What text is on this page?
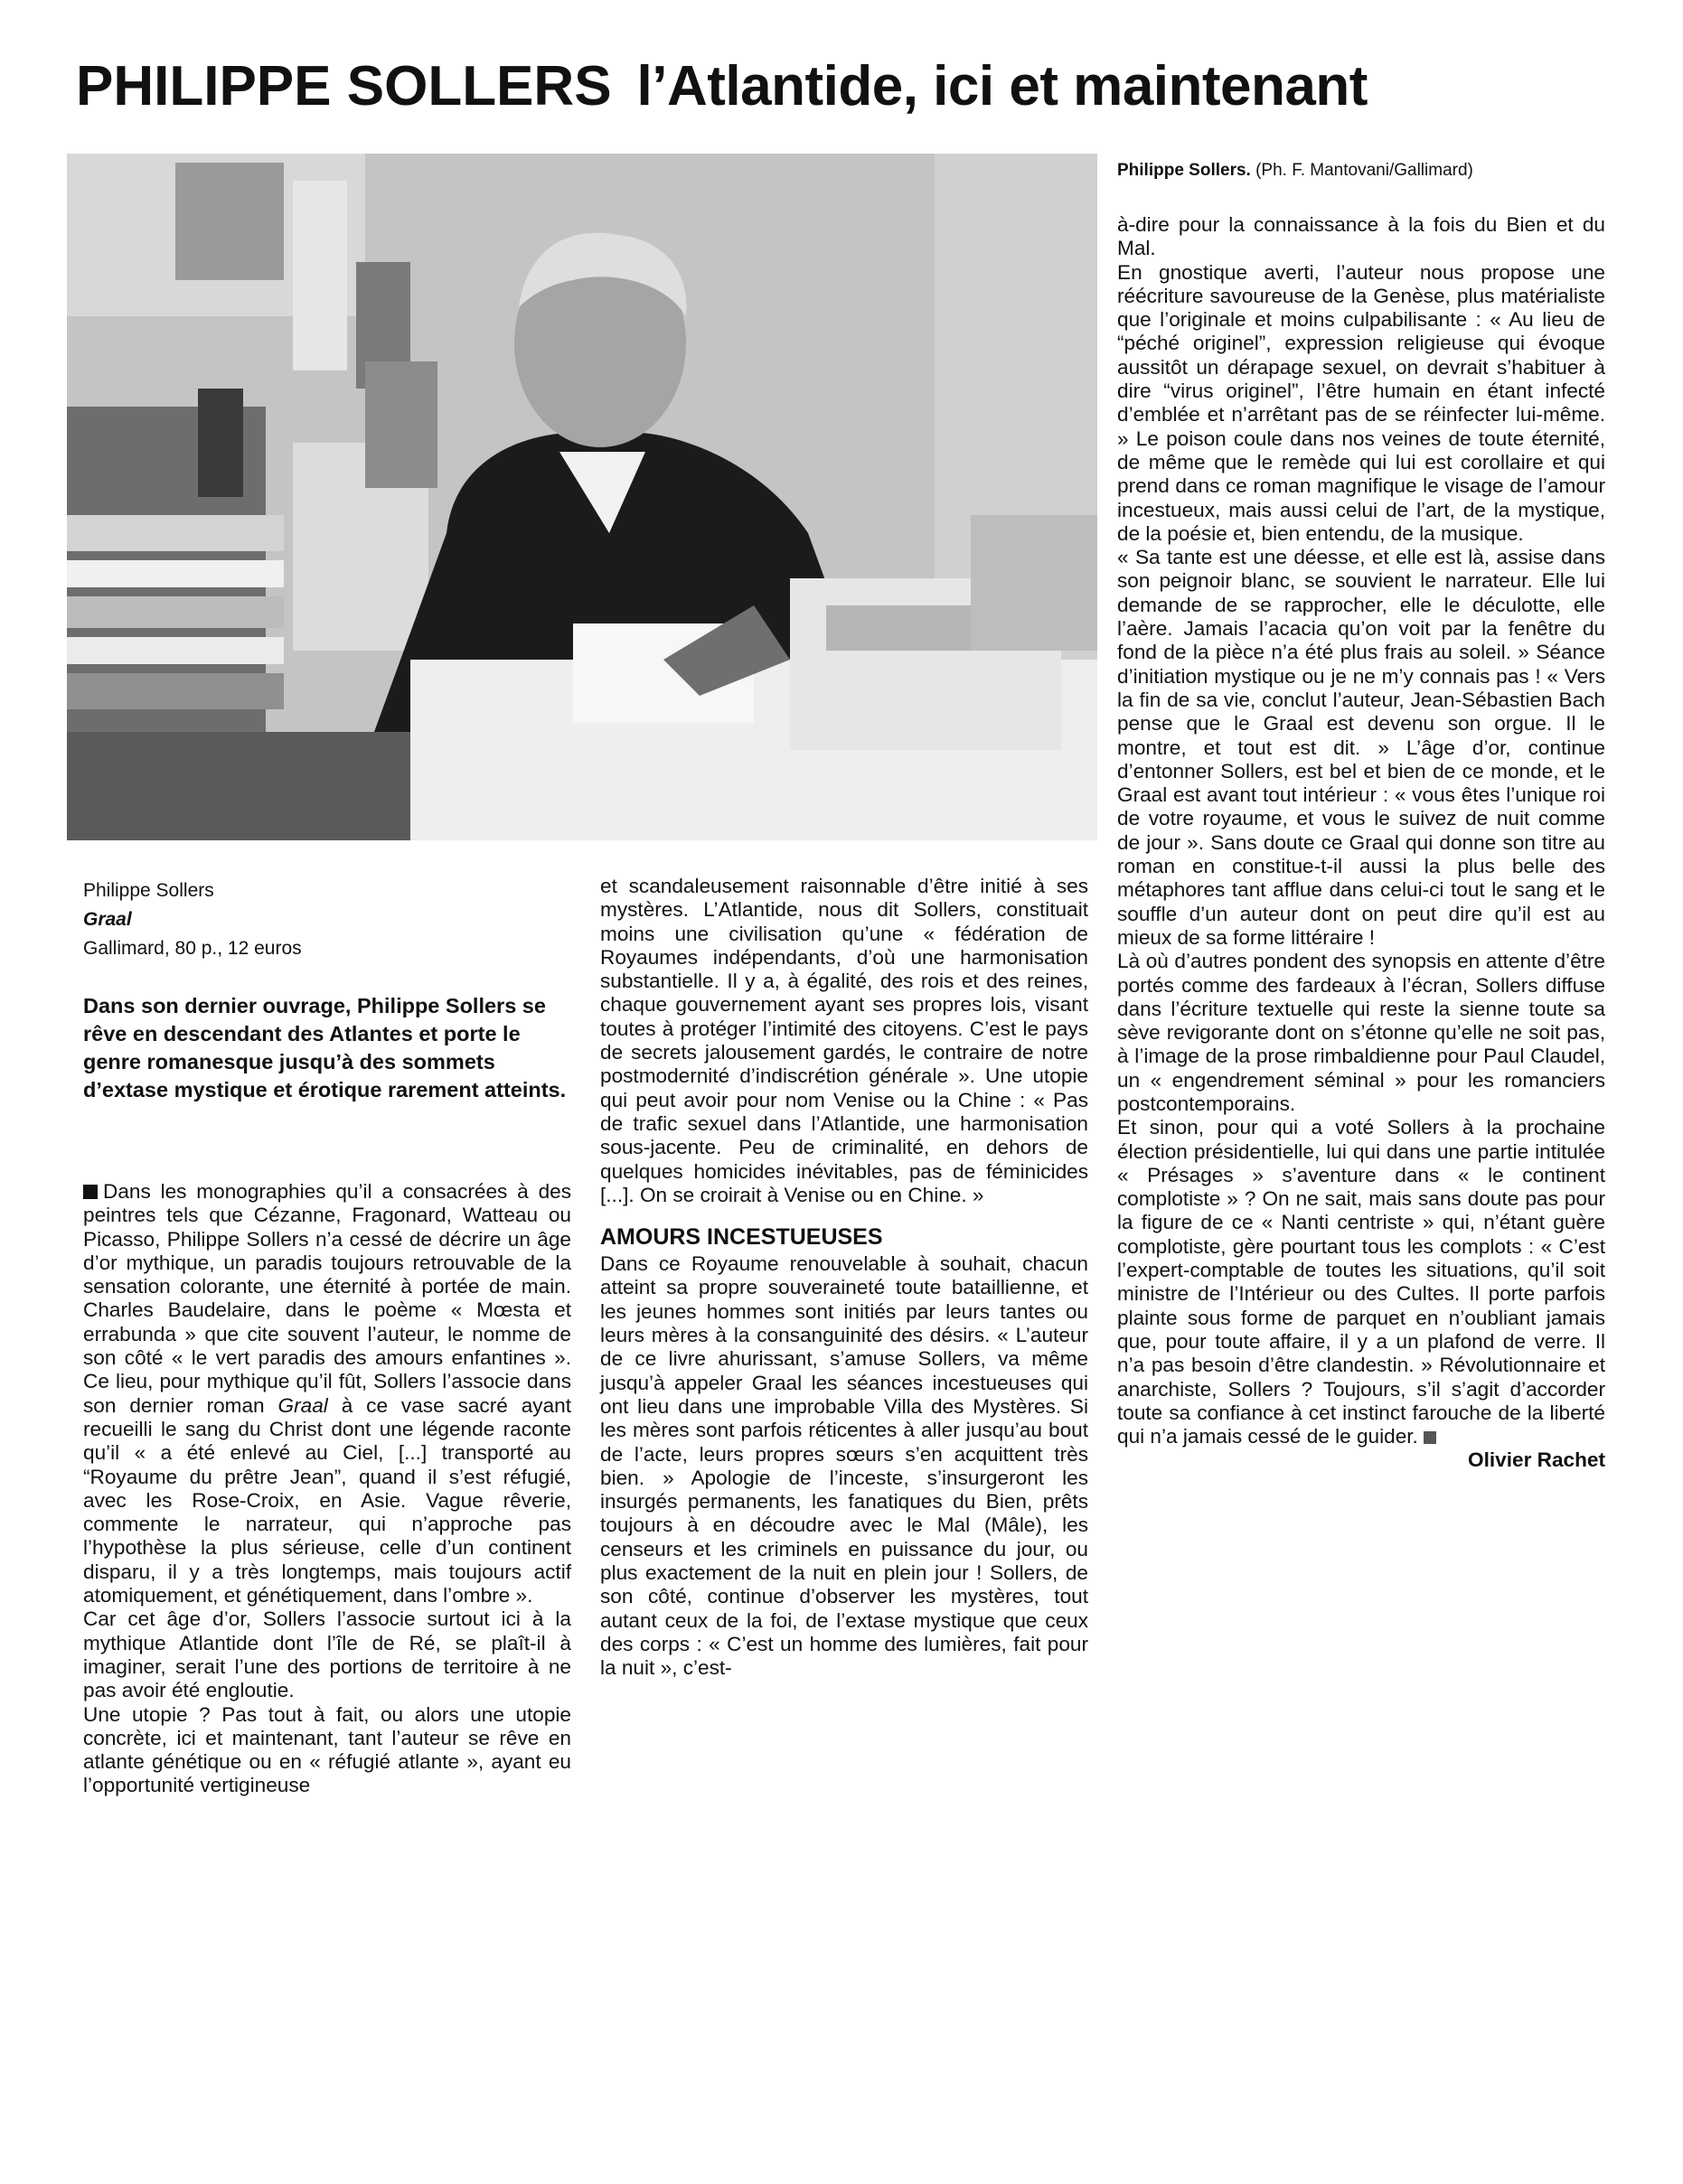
PHILIPPE SOLLERS l’Atlantide, ici et maintenant
Philippe Sollers. (Ph. F. Mantovani/Gallimard)
Philippe Sollers
Graal
Gallimard, 80 p., 12 euros
Dans son dernier ouvrage, Philippe Sollers se rêve en descendant des Atlantes et porte le genre romanesque jusqu’à des sommets d’extase mystique et érotique rarement atteints.

Dans les monographies qu’il a consacrées à des peintres tels que Cézanne, Fragonard, Watteau ou Picasso, Philippe Sollers n’a cessé de décrire un âge d’or mythique, un paradis toujours retrouvable de la sensation colorante, une éternité à portée de main. Charles Baudelaire, dans le poème « Mœsta et errabunda » que cite souvent l’auteur, le nomme de son côté « le vert paradis des amours enfantines ». Ce lieu, pour mythique qu’il fût, Sollers l’associe dans son dernier roman Graal à ce vase sacré ayant recueilli le sang du Christ dont une légende raconte qu’il « a été enlevé au Ciel, [...] transporté au “Royaume du prêtre Jean”, quand il s’est réfugié, avec les Rose-Croix, en Asie. Vague rêverie, commente le narrateur, qui n’approche pas l’hypothèse la plus sérieuse, celle d’un continent disparu, il y a très longtemps, mais toujours actif atomiquement, et génétiquement, dans l’ombre ».

Car cet âge d’or, Sollers l’associe surtout ici à la mythique Atlantide dont l’île de Ré, se plaît-il à imaginer, serait l’une des portions de territoire à ne pas avoir été engloutie.

Une utopie ? Pas tout à fait, ou alors une utopie concrète, ici et maintenant, tant l’auteur se rêve en atlante génétique ou en « réfugié atlante », ayant eu l’opportunité vertigineuse

et scandaleusement raisonnable d’être initié à ses mystères. L’Atlantide, nous dit Sollers, constituait moins une civilisation qu’une « fédération de Royaumes indépendants, d’où une harmonisation substantielle. Il y a, à égalité, des rois et des reines, chaque gouvernement ayant ses propres lois, visant toutes à protéger l’intimité des citoyens. C’est le pays de secrets jalousement gardés, le contraire de notre postmodernité d’indiscrétion générale ». Une utopie qui peut avoir pour nom Venise ou la Chine : « Pas de trafic sexuel dans l’Atlantide, une harmonisation sous-jacente. Peu de criminalité, en dehors de quelques homicides inévitables, pas de féminicides [...]. On se croirait à Venise ou en Chine. »

AMOURS INCESTUEUSES

Dans ce Royaume renouvelable à souhait, chacun atteint sa propre souveraineté toute bataillienne, et les jeunes hommes sont initiés par leurs tantes ou leurs mères à la consanguinité des désirs. « L’auteur de ce livre ahurissant, s’amuse Sollers, va même jusqu’à appeler Graal les séances incestueuses qui ont lieu dans une improbable Villa des Mystères. Si les mères sont parfois réticentes à aller jusqu’au bout de l’acte, leurs propres sœurs s’en acquittent très bien. » Apologie de l’inceste, s’insurgeront les insurgés permanents, les fanatiques du Bien, prêts toujours à en découdre avec le Mal (Mâle), les censeurs et les criminels en puissance du jour, ou plus exactement de la nuit en plein jour ! Sollers, de son côté, continue d’observer les mystères, tout autant ceux de la foi, de l’extase mystique que ceux des corps : « C’est un homme des lumières, fait pour la nuit », c’est-

à-dire pour la connaissance à la fois du Bien et du Mal.

En gnostique averti, l’auteur nous propose une réécriture savoureuse de la Genèse, plus matérialiste que l’originale et moins culpabilisante : « Au lieu de “péché originel”, expression religieuse qui évoque aussitôt un dérapage sexuel, on devrait s’habituer à dire “virus originel”, l’être humain en étant infecté d’emblée et n’arrêtant pas de se réinfecter lui-même. » Le poison coule dans nos veines de toute éternité, de même que le remède qui lui est corollaire et qui prend dans ce roman magnifique le visage de l’amour incestueux, mais aussi celui de l’art, de la mystique, de la poésie et, bien entendu, de la musique.

« Sa tante est une déesse, et elle est là, assise dans son peignoir blanc, se souvient le narrateur. Elle lui demande de se rapprocher, elle le déculotte, elle l’aère. Jamais l’acacia qu’on voit par la fenêtre du fond de la pièce n’a été plus frais au soleil. » Séance d’initiation mystique ou je ne m’y connais pas ! « Vers la fin de sa vie, conclut l’auteur, Jean-Sébastien Bach pense que le Graal est devenu son orgue. Il le montre, et tout est dit. » L’âge d’or, continue d’entonner Sollers, est bel et bien de ce monde, et le Graal est avant tout intérieur : « vous êtes l’unique roi de votre royaume, et vous le suivez de nuit comme de jour ». Sans doute ce Graal qui donne son titre au roman en constitue-t-il aussi la plus belle des métaphores tant afflue dans celui-ci tout le sang et le souffle d’un auteur dont on peut dire qu’il est au mieux de sa forme littéraire !

Là où d’autres pondent des synopsis en attente d’être portés comme des fardeaux à l’écran, Sollers diffuse dans l’écriture textuelle qui reste la sienne toute sa sève revigorante dont on s’étonne qu’elle ne soit pas, à l’image de la prose rimbaldienne pour Paul Claudel, un « engendrement séminal » pour les romanciers postcontemporains.

Et sinon, pour qui a voté Sollers à la prochaine élection présidentielle, lui qui dans une partie intitulée « Présages » s’aventure dans « le continent complotiste » ? On ne sait, mais sans doute pas pour la figure de ce « Nanti centriste » qui, n’étant guère complotiste, gère pourtant tous les complots : « C’est l’expert-comptable de toutes les situations, qu’il soit ministre de l’Intérieur ou des Cultes. Il porte parfois plainte sous forme de parquet en n’oubliant jamais que, pour toute affaire, il y a un plafond de verre. Il n’a pas besoin d’être clandestin. » Révolutionnaire et anarchiste, Sollers ? Toujours, s’il s’agit d’accorder toute sa confiance à cet instinct farouche de la liberté qui n’a jamais cessé de le guider.

Olivier Rachet
